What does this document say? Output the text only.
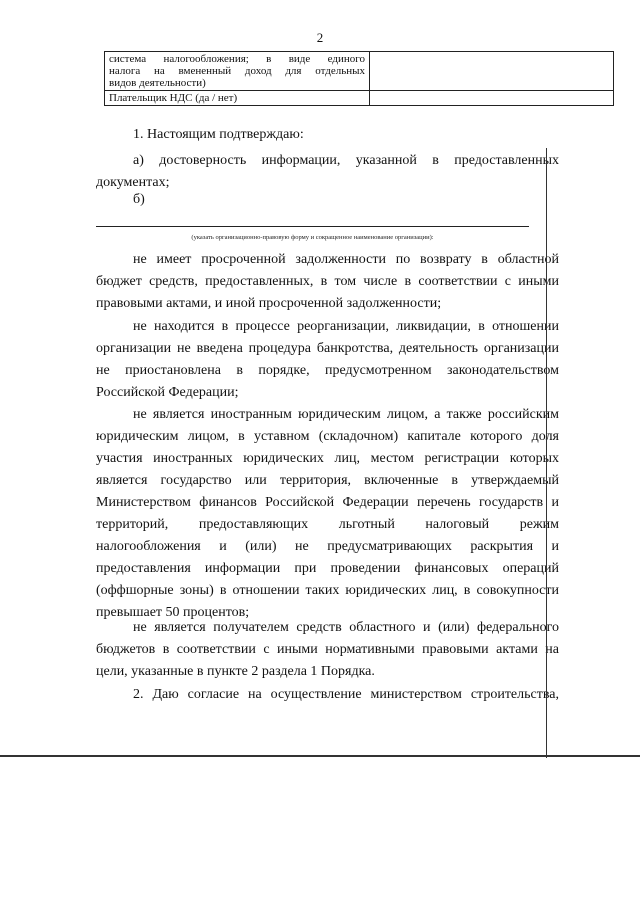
2
система налогообложения; в виде единого
налога на вмененный доход для отдельных
видов деятельности)	

Плательщик НДС (да / нет)	

1. Настоящим подтверждаю:

а) достоверность информации, указанной в предоставленных
документах;

б)

(указать организационно-правовую форму и сокращенное наименование организации):
не имеет просроченной задолженности по возврату в областной
бюджет средств, предоставленных, в том числе в соответствии с иными
правовыми актами, и иной просроченной задолженности;
не находится в процессе реорганизации, ликвидации, в отношении
организации не введена процедура банкротства, деятельность организации
не приостановлена в порядке, предусмотренном законодательством
Российской Федерации;
не является иностранным юридическим лицом, а также российским
юридическим лицом, в уставном (складочном) капитале которого доля
участия иностранных юридических лиц, местом регистрации которых
является государство или территория, включенные в утверждаемый
Министерством финансов Российской Федерации перечень государств и
территорий, предоставляющих льготный налоговый режим
налогообложения и (или) не предусматривающих раскрытия и
предоставления информации при проведении финансовых операций
(оффшорные зоны) в отношении таких юридических лиц, в совокупности
превышает 50 процентов;
не является получателем средств областного и (или) федерального
бюджетов в соответствии с иными нормативными правовыми актами на
цели, указанные в пункте 2 раздела 1 Порядка.
2. Даю согласие на осуществление министерством строительства,
